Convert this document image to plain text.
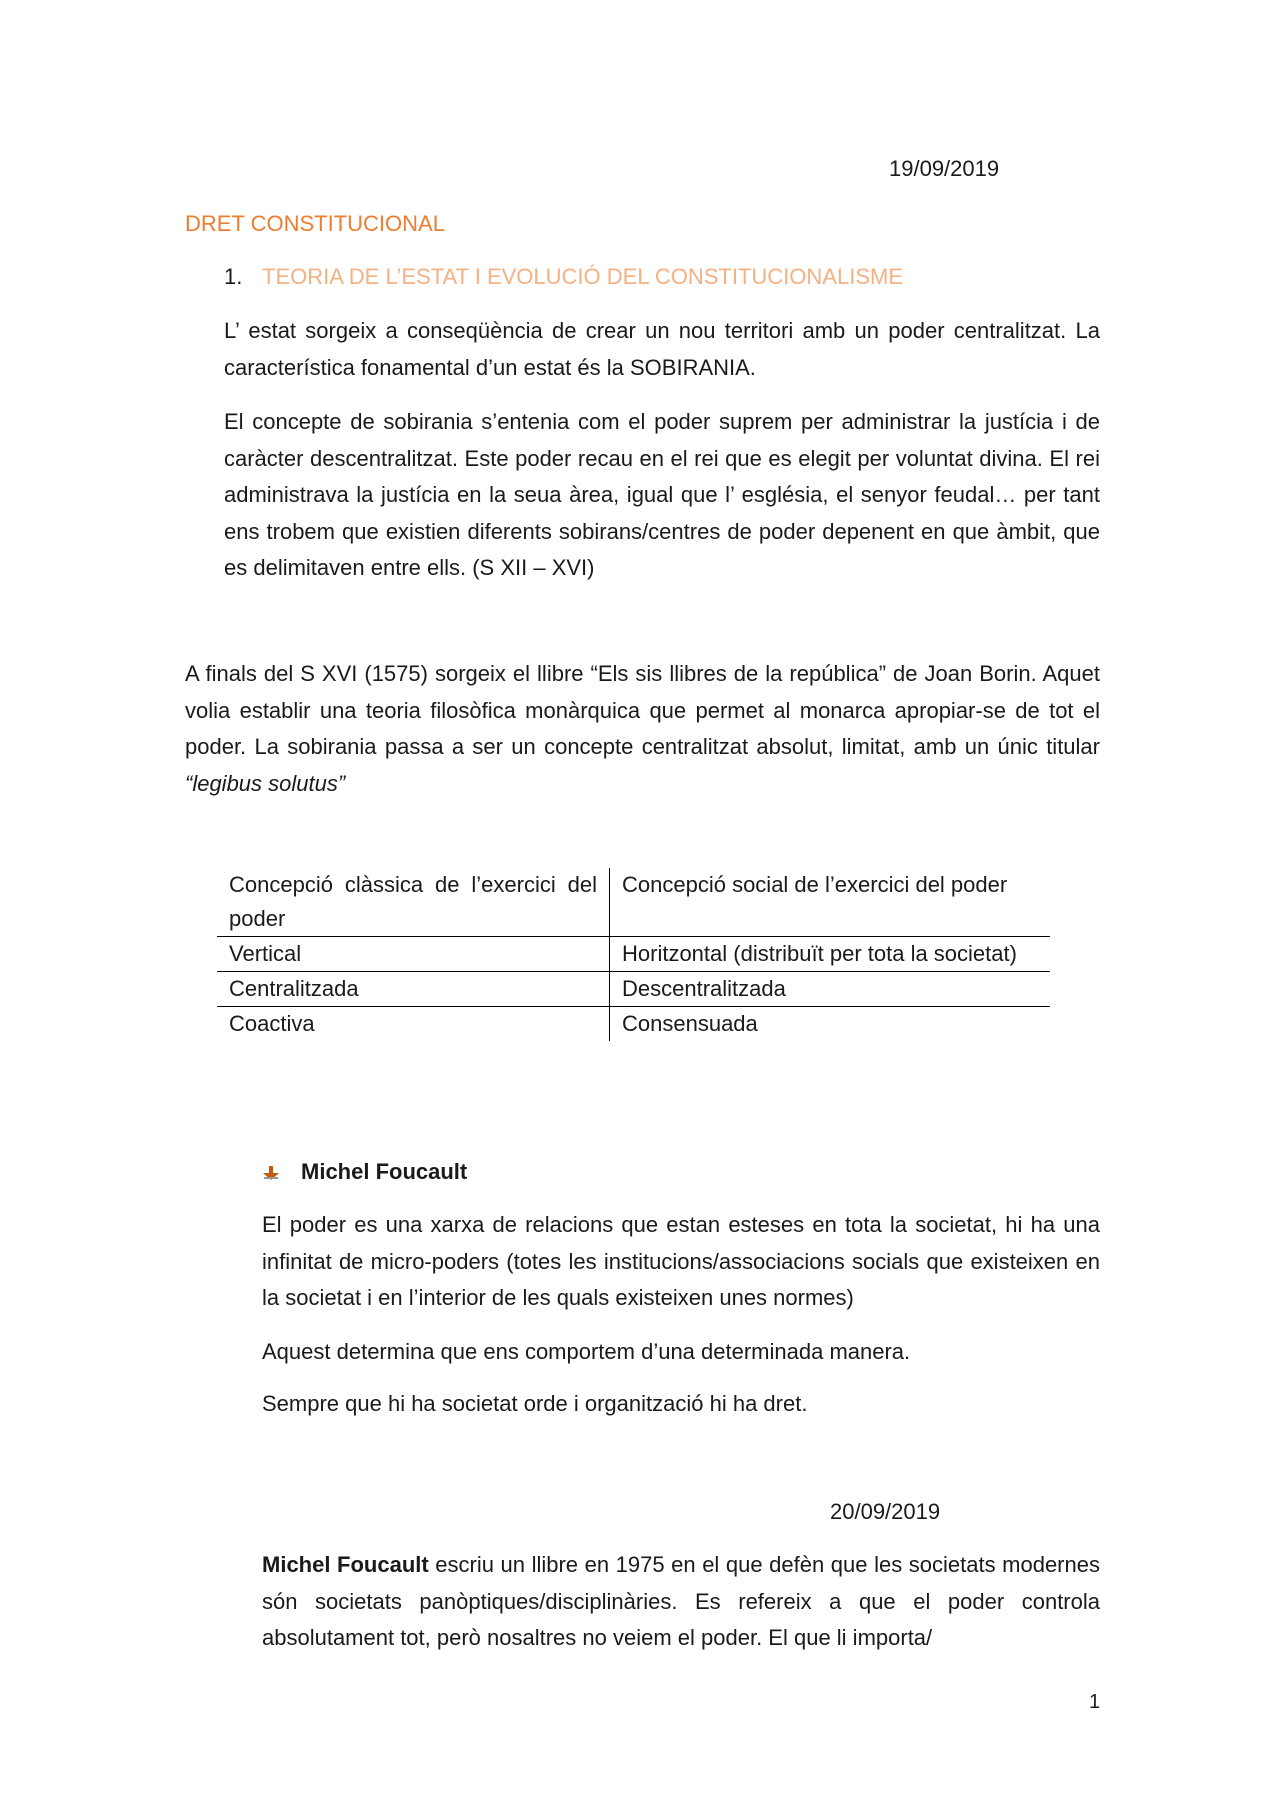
19/09/2019
DRET CONSTITUCIONAL
1. TEORIA DE L’ESTAT I EVOLUCIÓ DEL CONSTITUCIONALISME

L’ estat sorgeix a conseqüència de crear un nou territori amb un poder centralitzat. La característica fonamental d’un estat és la SOBIRANIA.

El concepte de sobirania s’entenia com el poder suprem per administrar la justícia i de caràcter descentralitzat. Este poder recau en el rei que es elegit per voluntat divina. El rei administrava la justícia en la seua àrea, igual que l’ església, el senyor feudal… per tant ens trobem que existien diferents sobirans/centres de poder depenent en que àmbit, que es delimitaven entre ells. (S XII – XVI)

A finals del S XVI (1575) sorgeix el llibre “Els sis llibres de la república” de Joan Borin. Aquet volia establir una teoria filosòfica monàrquica que permet al monarca apropiar-se de tot el poder. La sobirania passa a ser un concepte centralitzat absolut, limitat, amb un únic titular “legibus solutus”

Concepció clàssica de l’exercici del poder	Concepció social de l’exercici del poder
Vertical	Horitzontal (distribuït per tota la societat)
Centralitzada	Descentralitzada
Coactiva	Consensuada
Michel Foucault

El poder es una xarxa de relacions que estan esteses en tota la societat, hi ha una infinitat de micro-poders (totes les institucions/associacions socials que existeixen en la societat i en l’interior de les quals existeixen unes normes)

Aquest determina que ens comportem d’una determinada manera.

Sempre que hi ha societat orde i organització hi ha dret.

20/09/2019

Michel Foucault escriu un llibre en 1975 en el que defèn que les societats modernes són societats panòptiques/disciplinàries. Es refereix a que el poder controla absolutament tot, però nosaltres no veiem el poder. El que li importa/

1
